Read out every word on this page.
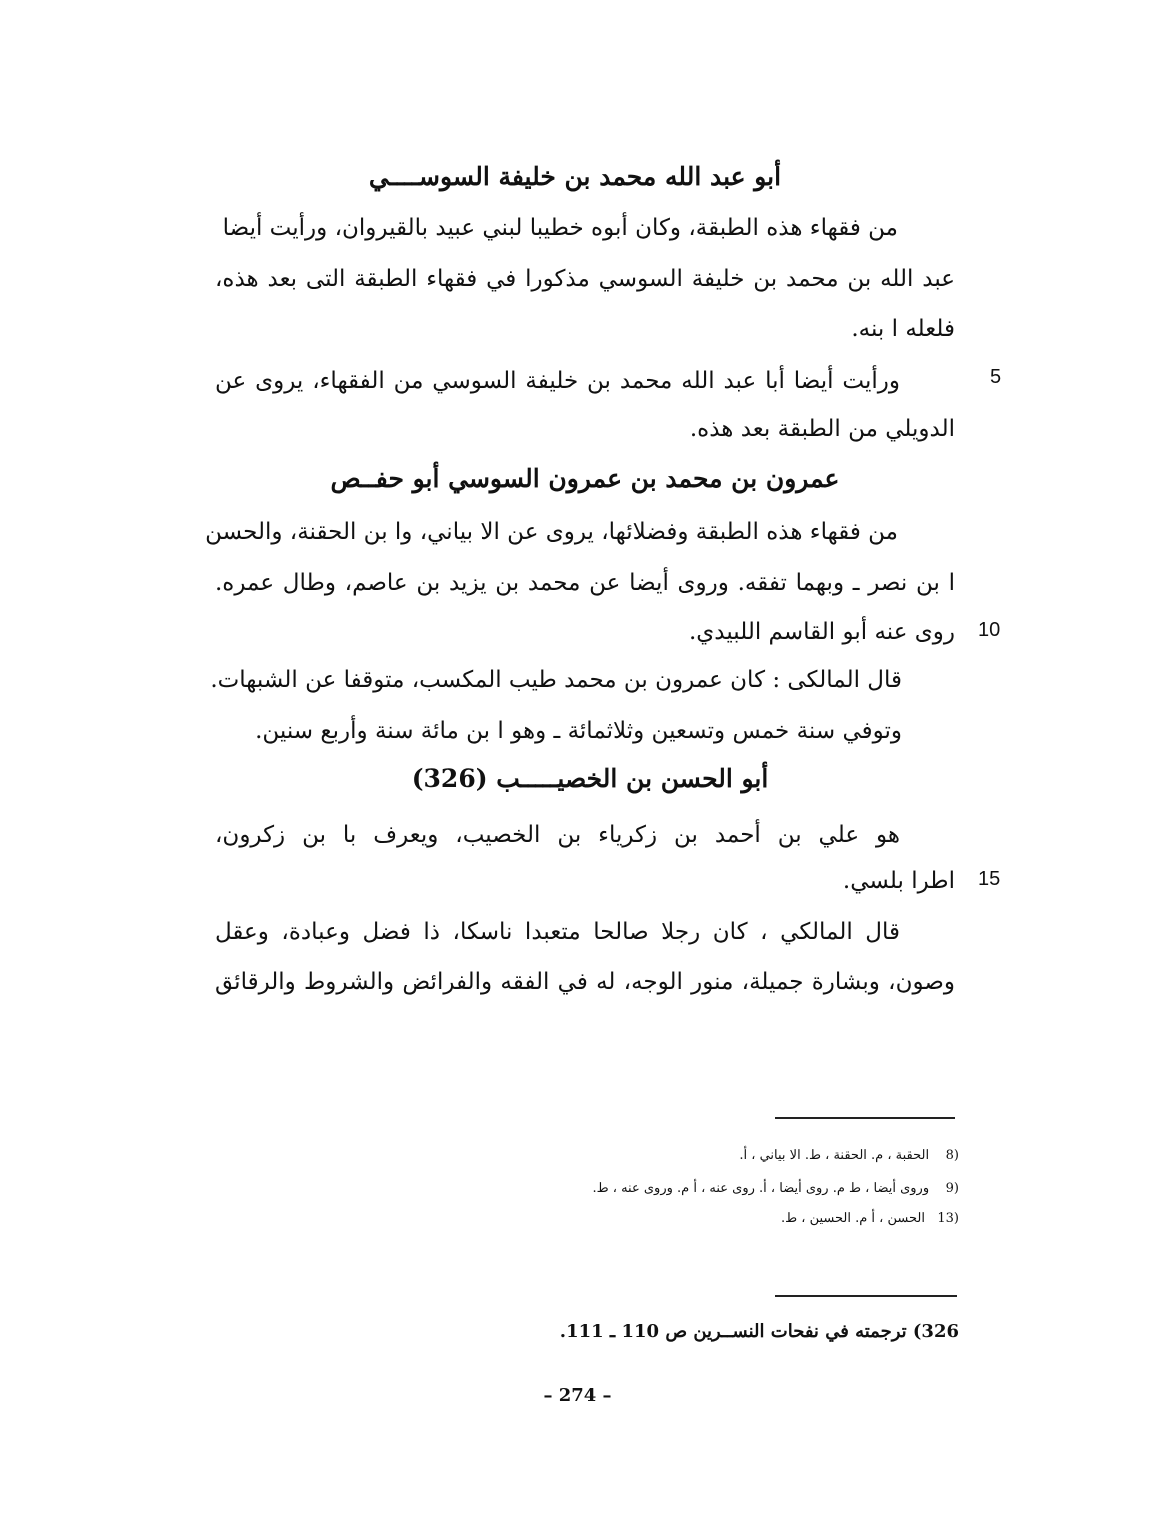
أبو عبد الله محمد بن خليفة السوســــي
من فقهاء هذه الطبقة، وكان أبوه خطيبا لبني عبيد بالقيروان، ورأيت أيضا
عبد الله بن محمد بن خليفة السوسي مذكورا في فقهاء الطبقة التى بعد هذه،
فلعله ا بنه.
ورأيت أيضا أبا عبد الله محمد بن خليفة السوسي من الفقهاء، يروى عن	5
الدويلي من الطبقة بعد هذه.
عمرون بن محمد بن عمرون السوسي أبو حفــص
من فقهاء هذه الطبقة وفضلائها، يروى عن الا بياني، وا بن الحقنة، والحسن
ا بن نصر ـ وبهما تفقه. وروى أيضا عن محمد بن يزيد بن عاصم، وطال عمره.
روى عنه أبو القاسم اللبيدي. 10
قال المالكى : كان عمرون بن محمد طيب المكسب، متوقفا عن الشبهات.
وتوفي سنة خمس وتسعين وثلاثمائة ـ وهو ا بن مائة سنة وأربع سنين.
أبو الحسن بن الخصيـــــب (326)
هو علي بن أحمد بن زكرياء بن الخصيب، ويعرف با بن زكرون،
اطرا بلسي. 15
قال المالكي ، كان رجلا صالحا متعبدا ناسكا، ذا فضل وعبادة، وعقل
وصون، وبشارة جميلة، منور الوجه، له في الفقه والفرائض والشروط والرقائق
(8    الحقبة ، م. الحقنة ، ط. الا بياني ، أ.
(9    وروى أيضا ، ط م. روى أيضا ، أ. روى عنه ، أ م. وروى عنه ، ط.
(13   الحسن ، أ م. الحسين ، ط.
326) ترجمته في نفحات النســرين ص 110 ـ 111.
– 274 –
